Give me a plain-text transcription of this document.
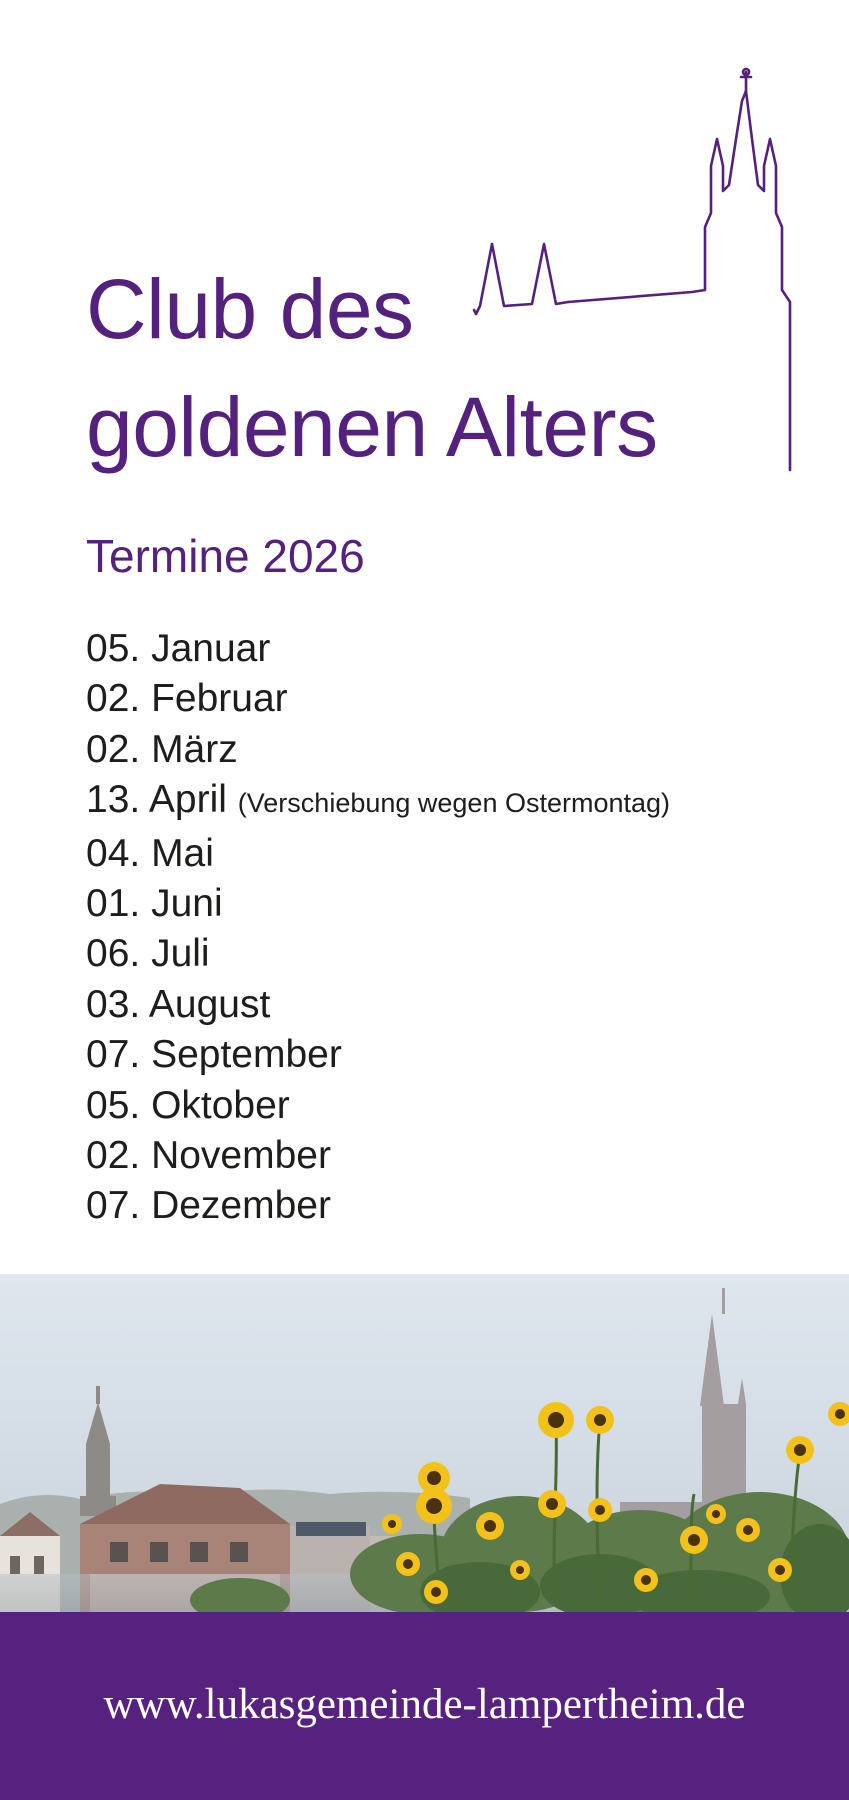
Club des
goldenen Alters
Termine 2026
05. Januar
02. Februar
02. März
13. April (Verschiebung wegen Ostermontag)
04. Mai
01. Juni
06. Juli
03. August
07. September
05. Oktober
02. November
07. Dezember
www.lukasgemeinde-lampertheim.de
